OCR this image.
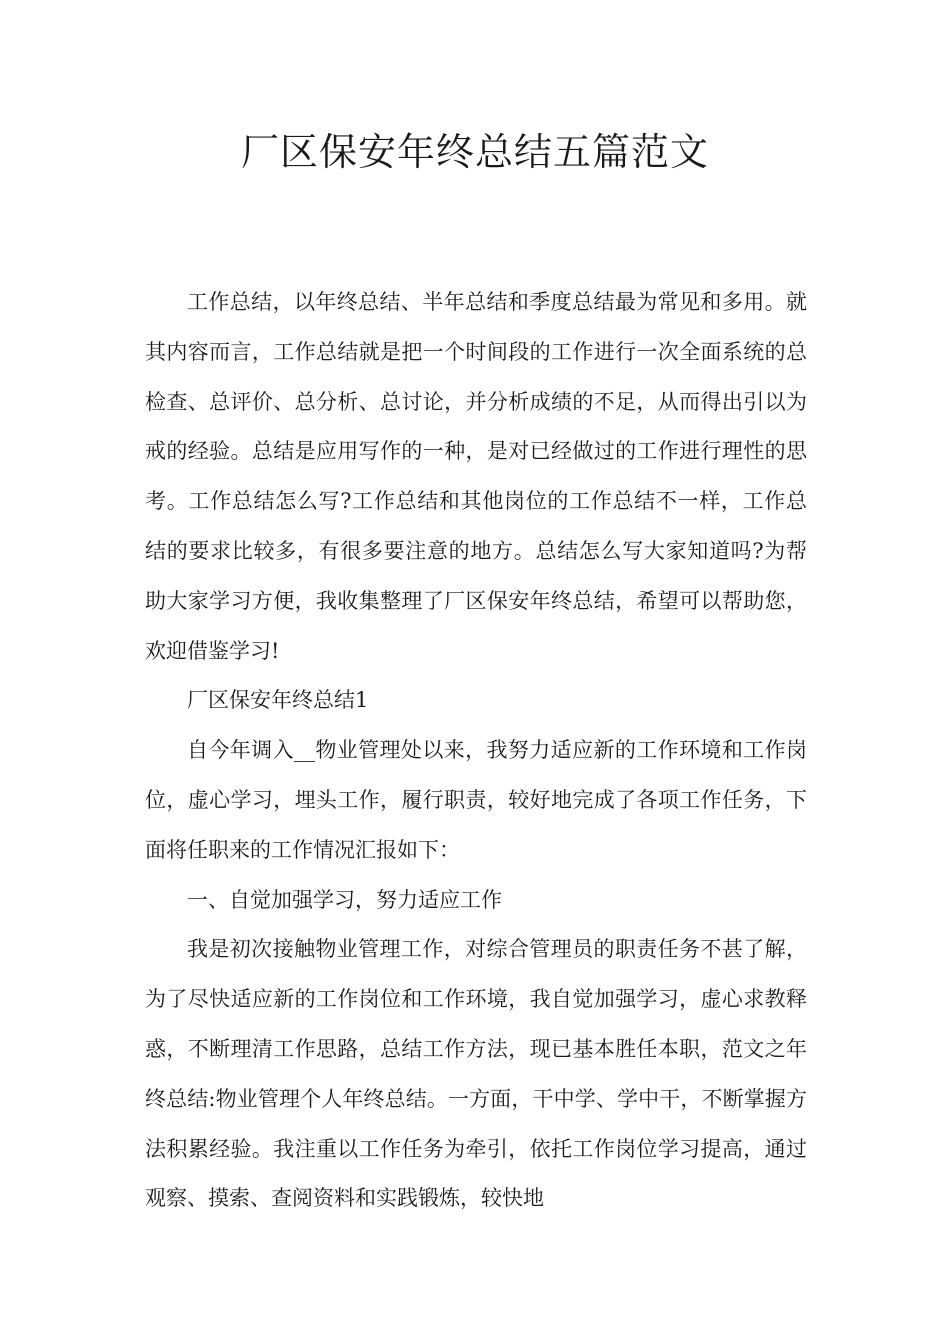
厂区保安年终总结五篇范文

工作总结，以年终总结、半年总结和季度总结最为常见和多用。就其内容而言，工作总结就是把一个时间段的工作进行一次全面系统的总检查、总评价、总分析、总讨论，并分析成绩的不足，从而得出引以为戒的经验。总结是应用写作的一种，是对已经做过的工作进行理性的思考。工作总结怎么写?工作总结和其他岗位的工作总结不一样，工作总结的要求比较多，有很多要注意的地方。总结怎么写大家知道吗?为帮助大家学习方便，我收集整理了厂区保安年终总结，希望可以帮助您，欢迎借鉴学习!

厂区保安年终总结1

自今年调入__物业管理处以来，我努力适应新的工作环境和工作岗位，虚心学习，埋头工作，履行职责，较好地完成了各项工作任务，下面将任职来的工作情况汇报如下：

一、自觉加强学习，努力适应工作

我是初次接触物业管理工作，对综合管理员的职责任务不甚了解，为了尽快适应新的工作岗位和工作环境，我自觉加强学习，虚心求教释惑，不断理清工作思路，总结工作方法，现已基本胜任本职，范文之年终总结:物业管理个人年终总结。一方面，干中学、学中干，不断掌握方法积累经验。我注重以工作任务为牵引，依托工作岗位学习提高，通过观察、摸索、查阅资料和实践锻炼，较快地
